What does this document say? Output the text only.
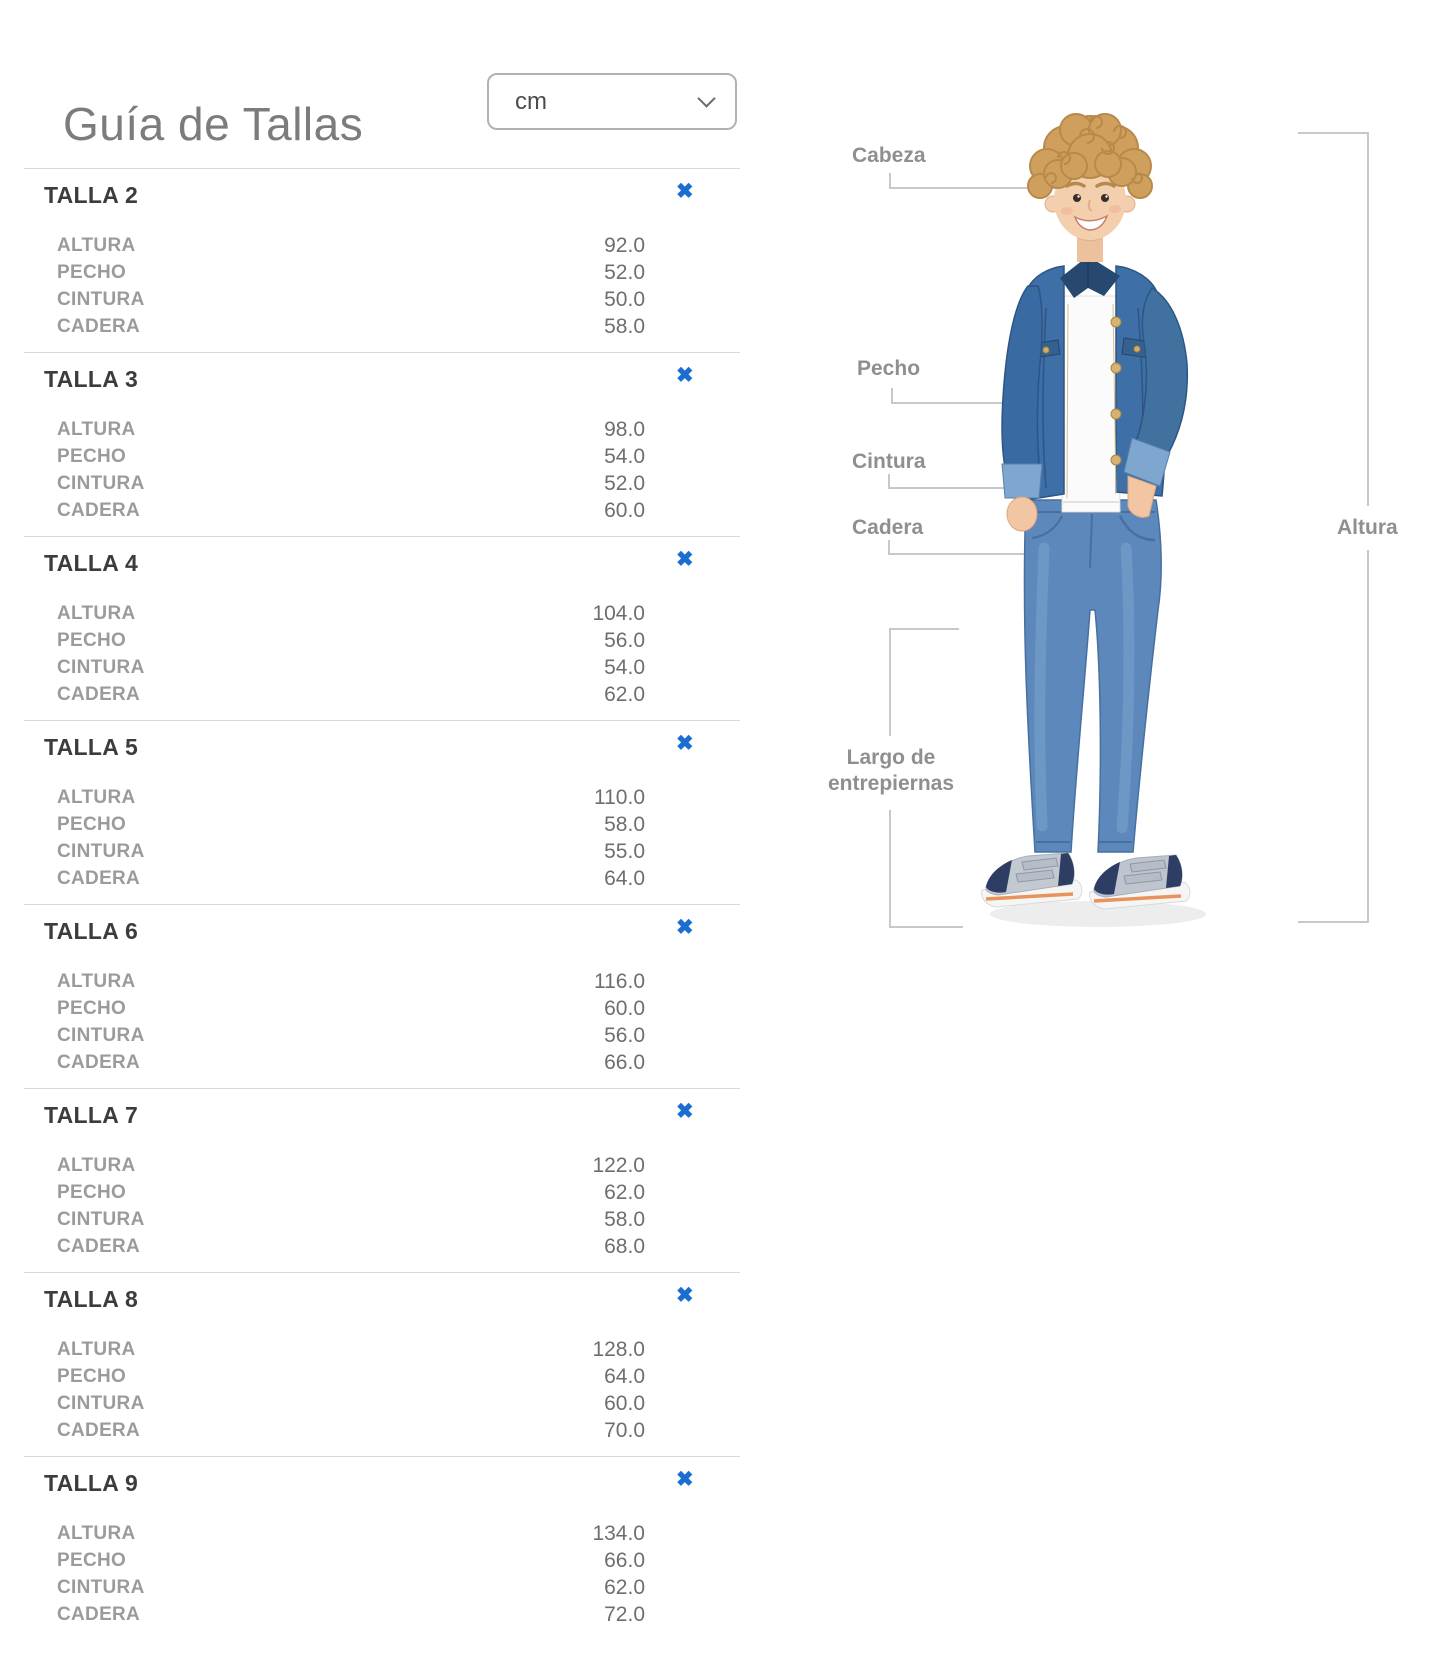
Guía de Tallas	cm
TALLA 2	✖
ALTURA	92.0
PECHO	52.0
CINTURA	50.0
CADERA	58.0
TALLA 3	✖
ALTURA	98.0
PECHO	54.0
CINTURA	52.0
CADERA	60.0
TALLA 4	✖
ALTURA	104.0
PECHO	56.0
CINTURA	54.0
CADERA	62.0
TALLA 5	✖
ALTURA	110.0
PECHO	58.0
CINTURA	55.0
CADERA	64.0
TALLA 6	✖
ALTURA	116.0
PECHO	60.0
CINTURA	56.0
CADERA	66.0
TALLA 7	✖
ALTURA	122.0
PECHO	62.0
CINTURA	58.0
CADERA	68.0
TALLA 8	✖
ALTURA	128.0
PECHO	64.0
CINTURA	60.0
CADERA	70.0
TALLA 9	✖
ALTURA	134.0
PECHO	66.0
CINTURA	62.0
CADERA	72.0
Cabeza
Pecho
Cintura
Cadera	Altura
Largo de
entrepiernas
